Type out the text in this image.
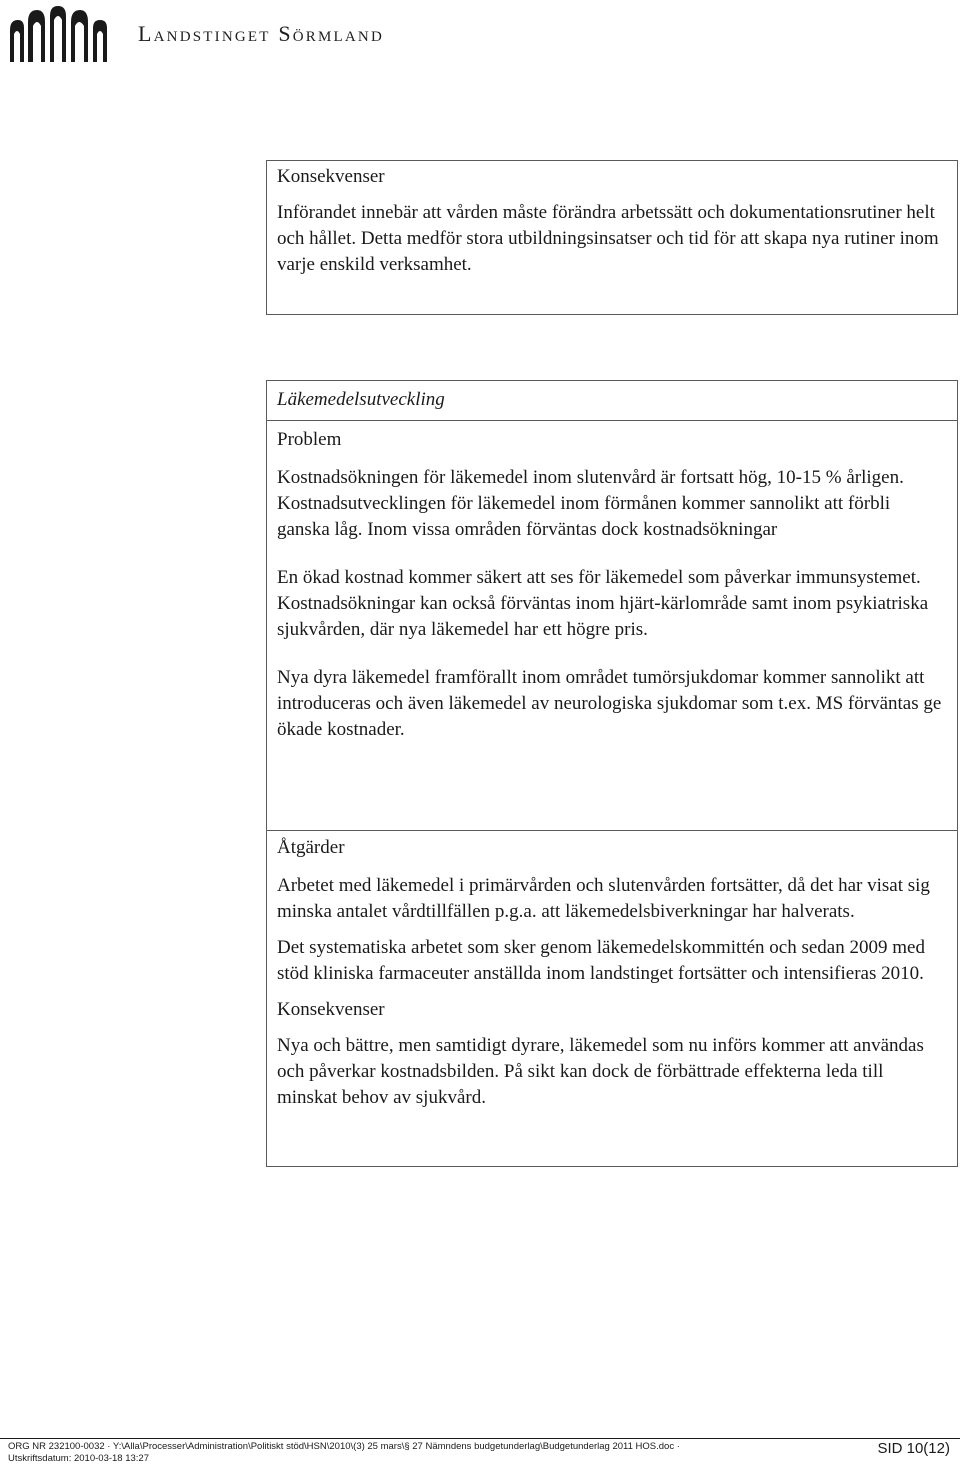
Landstinget Sörmland
Konsekvenser

Införandet innebär att vården måste förändra arbetssätt och dokumentationsrutiner helt och hållet. Detta medför stora utbildningsinsatser och tid för att skapa nya rutiner inom varje enskild verksamhet.

Läkemedelsutveckling
Problem

Kostnadsökningen för läkemedel inom slutenvård är fortsatt hög, 10-15 % årligen. Kostnadsutvecklingen för läkemedel inom förmånen kommer sannolikt att förbli ganska låg. Inom vissa områden förväntas dock kostnadsökningar

En ökad kostnad kommer säkert att ses för läkemedel som påverkar immunsystemet. Kostnadsökningar kan också förväntas inom hjärt-kärlområde samt inom psykiatriska sjukvården, där nya läkemedel har ett högre pris.

Nya dyra läkemedel framförallt inom området tumörsjukdomar kommer sannolikt att introduceras och även läkemedel av neurologiska sjukdomar som t.ex. MS förväntas ge ökade kostnader.

Åtgärder

Arbetet med läkemedel i primärvården och slutenvården fortsätter, då det har visat sig minska antalet vårdtillfällen p.g.a. att läkemedelsbiverkningar har halverats.

Det systematiska arbetet som sker genom läkemedelskommittén och sedan 2009 med stöd kliniska farmaceuter anställda inom landstinget fortsätter och intensifieras 2010.

Konsekvenser

Nya och bättre, men samtidigt dyrare, läkemedel som nu införs kommer att användas och påverkar kostnadsbilden. På sikt kan dock de förbättrade effekterna leda till minskat behov av sjukvård.

ORG NR 232100-0032 · Y:\Alla\Processer\Administration\Politiskt stöd\HSN\2010\(3) 25 mars\§ 27 Nämndens budgetunderlag\Budgetunderlag 2011 HOS.doc ·
Utskriftsdatum: 2010-03-18 13:27
SID 10(12)
